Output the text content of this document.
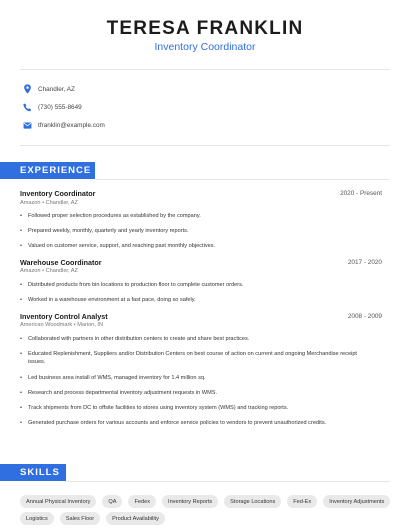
TERESA FRANKLIN
Inventory Coordinator
Chandler, AZ
(730) 555-8649
tfranklin@example.com
EXPERIENCE
Inventory Coordinator	2020 - Present
Amazon • Chandler, AZ
•
Followed proper selection procedures as established by the company.
•
Prepared weekly, monthly, quarterly and yearly inventory reports.
•
Valued on customer service, support, and reaching past monthly objectives.
Warehouse Coordinator	2017 - 2020
Amazon • Chandler, AZ
•
Distributed products from bin locations to production floor to complete customer orders.
•
Worked in a warehouse environment at a fast pace, doing so safely.
Inventory Control Analyst	2008 - 2009
American Woodmark • Marion, IN
•
Collaborated with partners in other distribution centers to create and share best practices.
•
Educated Replenishment, Suppliers and/or Distribution Centers on best course of action on current and ongoing Merchandise receipt issues.
•
Led business area install of WMS, managed inventory for 1.4 million sq.
•
Research and process departmental inventory adjustment requests in WMS.
•
Track shipments from DC to offsite facilities to stores using inventory system (WMS) and tracking reports.
•
Generated purchase orders for various accounts and enforce service policies to vendors to prevent unauthorized credits.
SKILLS
Annual Physical Inventory	QA	Fedex	Inventory Reports	Storage Locations	Fed-Ex	Inventory Adjustments
Logistics	Sales Floor	Product Availability
